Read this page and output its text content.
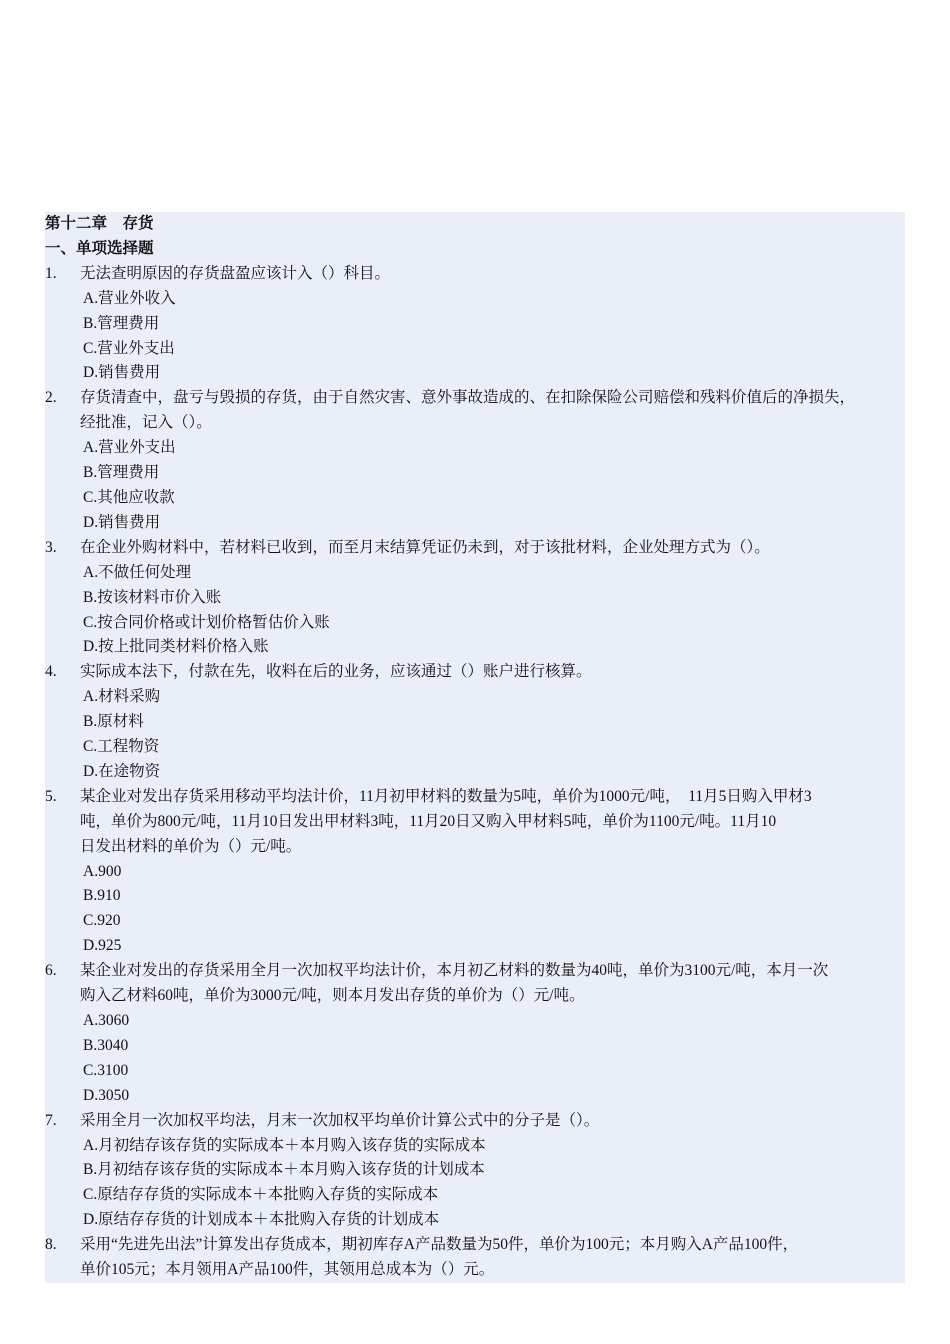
第十二章　存货
一、单项选择题
1.	无法查明原因的存货盘盈应该计入（）科目。
A.营业外收入
B.管理费用
C.营业外支出
D.销售费用
2.	存货清查中，盘亏与毁损的存货，由于自然灾害、意外事故造成的、在扣除保险公司赔偿和残料价值后的净损失，
经批准，记入（）。
A.营业外支出
B.管理费用
C.其他应收款
D.销售费用
3.	在企业外购材料中，若材料已收到，而至月末结算凭证仍未到，对于该批材料，企业处理方式为（）。
A.不做任何处理
B.按该材料市价入账
C.按合同价格或计划价格暂估价入账
D.按上批同类材料价格入账
4.	实际成本法下，付款在先，收料在后的业务，应该通过（）账户进行核算。
A.材料采购
B.原材料
C.工程物资
D.在途物资
5.	某企业对发出存货采用移动平均法计价，11月初甲材料的数量为5吨，单价为1000元/吨，　11月5日购入甲材3
吨，单价为800元/吨，11月10日发出甲材料3吨，11月20日又购入甲材料5吨，单价为1100元/吨。11月10
日发出材料的单价为（）元/吨。
A.900
B.910
C.920
D.925
6.	某企业对发出的存货采用全月一次加权平均法计价，本月初乙材料的数量为40吨，单价为3100元/吨，本月一次
购入乙材料60吨，单价为3000元/吨，则本月发出存货的单价为（）元/吨。
A.3060
B.3040
C.3100
D.3050
7.	采用全月一次加权平均法，月末一次加权平均单价计算公式中的分子是（）。
A.月初结存该存货的实际成本＋本月购入该存货的实际成本
B.月初结存该存货的实际成本＋本月购入该存货的计划成本
C.原结存存货的实际成本＋本批购入存货的实际成本
D.原结存存货的计划成本＋本批购入存货的计划成本
8.	采用“先进先出法”计算发出存货成本，期初库存A产品数量为50件，单价为100元；本月购入A产品100件，
单价105元；本月领用A产品100件，其领用总成本为（）元。
